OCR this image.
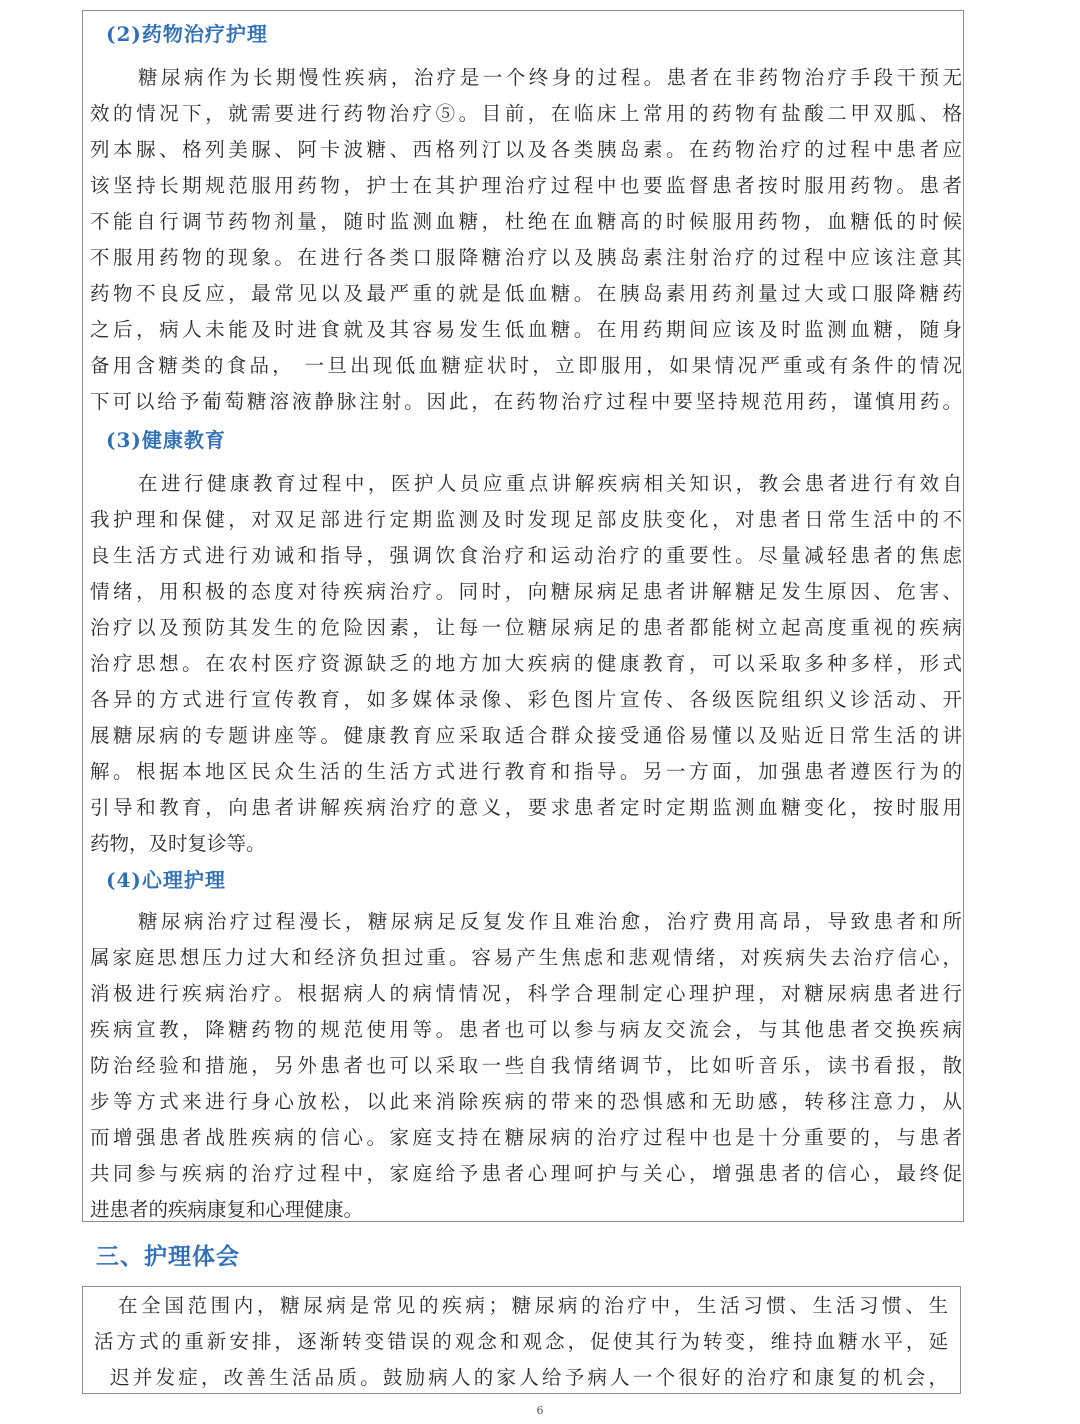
(2)药物治疗护理
糖尿病作为长期慢性疾病，治疗是一个终身的过程。患者在非药物治疗手段干预无
效的情况下，就需要进行药物治疗⑤。目前，在临床上常用的药物有盐酸二甲双胍、格
列本脲、格列美脲、阿卡波糖、西格列汀以及各类胰岛素。在药物治疗的过程中患者应
该坚持长期规范服用药物，护士在其护理治疗过程中也要监督患者按时服用药物。患者
不能自行调节药物剂量，随时监测血糖，杜绝在血糖高的时候服用药物，血糖低的时候
不服用药物的现象。在进行各类口服降糖治疗以及胰岛素注射治疗的过程中应该注意其
药物不良反应，最常见以及最严重的就是低血糖。在胰岛素用药剂量过大或口服降糖药
之后，病人未能及时进食就及其容易发生低血糖。在用药期间应该及时监测血糖，随身
备用含糖类的食品， 一旦出现低血糖症状时，立即服用，如果情况严重或有条件的情况
下可以给予葡萄糖溶液静脉注射。因此，在药物治疗过程中要坚持规范用药，谨慎用药。
(3)健康教育
在进行健康教育过程中，医护人员应重点讲解疾病相关知识，教会患者进行有效自
我护理和保健，对双足部进行定期监测及时发现足部皮肤变化，对患者日常生活中的不
良生活方式进行劝诫和指导，强调饮食治疗和运动治疗的重要性。尽量减轻患者的焦虑
情绪，用积极的态度对待疾病治疗。同时，向糖尿病足患者讲解糖足发生原因、危害、
治疗以及预防其发生的危险因素，让每一位糖尿病足的患者都能树立起高度重视的疾病
治疗思想。在农村医疗资源缺乏的地方加大疾病的健康教育，可以采取多种多样，形式
各异的方式进行宣传教育，如多媒体录像、彩色图片宣传、各级医院组织义诊活动、开
展糖尿病的专题讲座等。健康教育应采取适合群众接受通俗易懂以及贴近日常生活的讲
解。根据本地区民众生活的生活方式进行教育和指导。另一方面，加强患者遵医行为的
引导和教育，向患者讲解疾病治疗的意义，要求患者定时定期监测血糖变化，按时服用
药物，及时复诊等。
(4)心理护理
糖尿病治疗过程漫长，糖尿病足反复发作且难治愈，治疗费用高昂，导致患者和所
属家庭思想压力过大和经济负担过重。容易产生焦虑和悲观情绪，对疾病失去治疗信心，
消极进行疾病治疗。根据病人的病情情况，科学合理制定心理护理，对糖尿病患者进行
疾病宣教，降糖药物的规范使用等。患者也可以参与病友交流会，与其他患者交换疾病
防治经验和措施，另外患者也可以采取一些自我情绪调节，比如听音乐，读书看报，散
步等方式来进行身心放松，以此来消除疾病的带来的恐惧感和无助感，转移注意力，从
而增强患者战胜疾病的信心。家庭支持在糖尿病的治疗过程中也是十分重要的，与患者
共同参与疾病的治疗过程中，家庭给予患者心理呵护与关心，增强患者的信心，最终促
进患者的疾病康复和心理健康。
三、护理体会
在全国范围内，糖尿病是常见的疾病；糖尿病的治疗中，生活习惯、生活习惯、生
活方式的重新安排，逐渐转变错误的观念和观念，促使其行为转变，维持血糖水平，延
迟并发症，改善生活品质。鼓励病人的家人给予病人一个很好的治疗和康复的机会，
6
